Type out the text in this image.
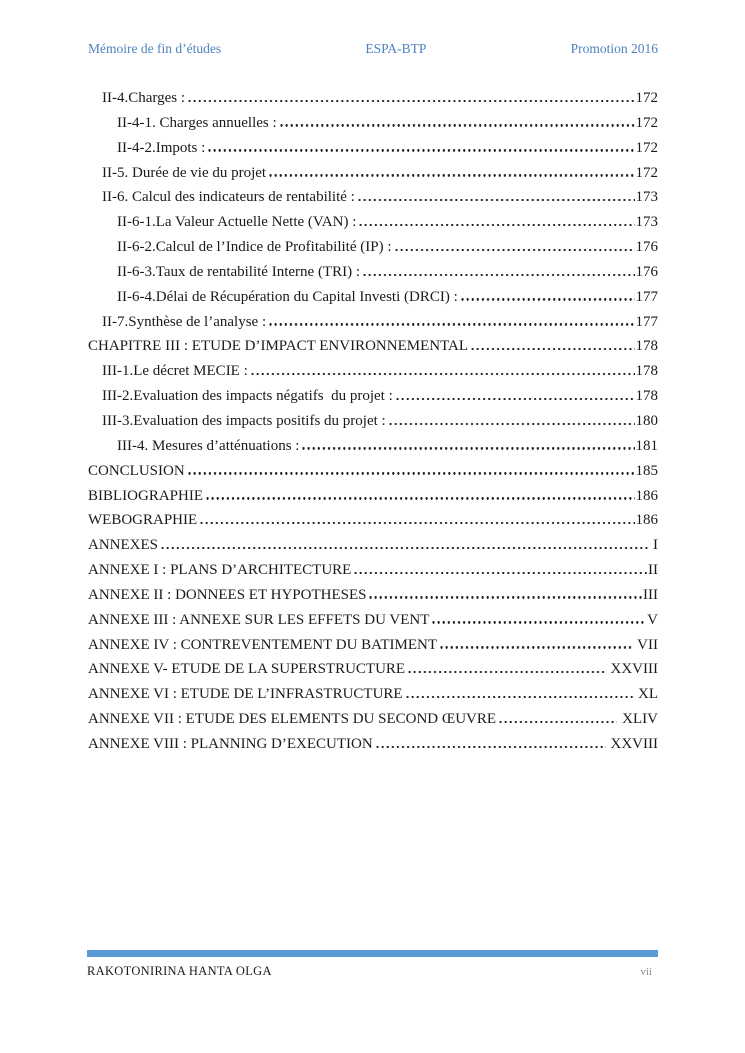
Mémoire de fin d’études	ESPA-BTP	Promotion 2016
II-4.Charges :	172
II-4-1. Charges annuelles :	172
II-4-2.Impots :	172
II-5. Durée de vie du projet	172
II-6. Calcul des indicateurs de rentabilité :	173
II-6-1.La Valeur Actuelle Nette (VAN) :	173
II-6-2.Calcul de l’Indice de Profitabilité (IP) :	176
II-6-3.Taux de rentabilité Interne (TRI) :	176
II-6-4.Délai de Récupération du Capital Investi (DRCI) :	177
II-7.Synthèse de l’analyse :	177
CHAPITRE III : ETUDE D’IMPACT ENVIRONNEMENTAL	178
III-1.Le décret MECIE :	178
III-2.Evaluation des impacts négatifs  du projet :	178
III-3.Evaluation des impacts positifs du projet :	180
III-4. Mesures d’atténuations :	181
CONCLUSION	185
BIBLIOGRAPHIE	186
WEBOGRAPHIE	186
ANNEXES	I
ANNEXE I : PLANS D’ARCHITECTURE	II
ANNEXE II : DONNEES ET HYPOTHESES	III
ANNEXE III : ANNEXE SUR LES EFFETS DU VENT	V
ANNEXE IV : CONTREVENTEMENT DU BATIMENT	VII
ANNEXE V- ETUDE DE LA SUPERSTRUCTURE	XXVIII
ANNEXE VI : ETUDE DE L’INFRASTRUCTURE	XL
ANNEXE VII : ETUDE DES ELEMENTS DU SECOND ŒUVRE	XLIV
ANNEXE VIII : PLANNING D’EXECUTION	XXVIII
RAKOTONIRINA HANTA OLGA	vii
